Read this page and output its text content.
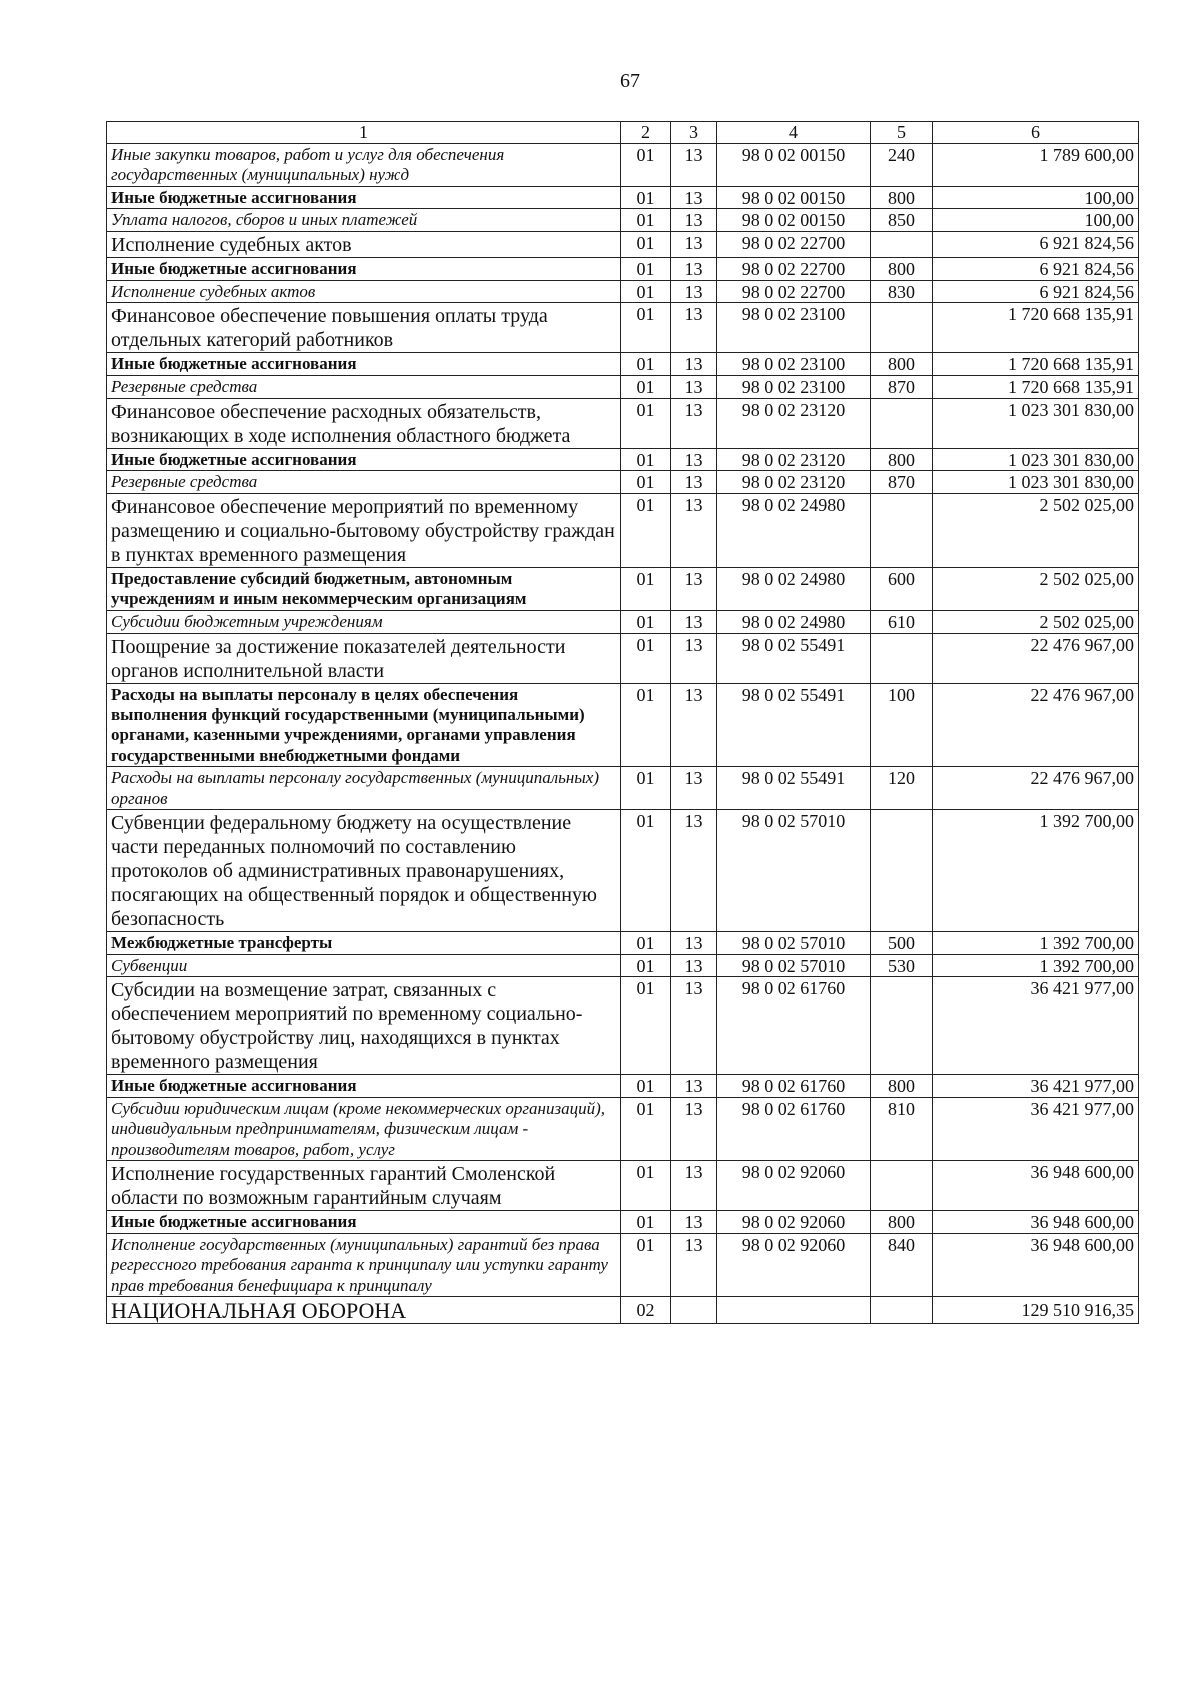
67
1	2	3	4	5	6
Иные закупки товаров, работ и услуг для обеспечения государственных (муниципальных) нужд	01	13	98 0 02 00150	240	1 789 600,00
Иные бюджетные ассигнования	01	13	98 0 02 00150	800	100,00
Уплата налогов, сборов и иных платежей	01	13	98 0 02 00150	850	100,00
Исполнение судебных актов	01	13	98 0 02 22700		6 921 824,56
Иные бюджетные ассигнования	01	13	98 0 02 22700	800	6 921 824,56
Исполнение судебных актов	01	13	98 0 02 22700	830	6 921 824,56
Финансовое обеспечение повышения оплаты труда отдельных категорий работников	01	13	98 0 02 23100		1 720 668 135,91
Иные бюджетные ассигнования	01	13	98 0 02 23100	800	1 720 668 135,91
Резервные средства	01	13	98 0 02 23100	870	1 720 668 135,91
Финансовое обеспечение расходных обязательств, возникающих в ходе исполнения областного бюджета	01	13	98 0 02 23120		1 023 301 830,00
Иные бюджетные ассигнования	01	13	98 0 02 23120	800	1 023 301 830,00
Резервные средства	01	13	98 0 02 23120	870	1 023 301 830,00
Финансовое обеспечение мероприятий по временному размещению и социально-бытовому обустройству граждан в пунктах временного размещения	01	13	98 0 02 24980		2 502 025,00
Предоставление субсидий бюджетным, автономным учреждениям и иным некоммерческим организациям	01	13	98 0 02 24980	600	2 502 025,00
Субсидии бюджетным учреждениям	01	13	98 0 02 24980	610	2 502 025,00
Поощрение за достижение показателей деятельности органов исполнительной власти	01	13	98 0 02 55491		22 476 967,00
Расходы на выплаты персоналу в целях обеспечения выполнения функций государственными (муниципальными) органами, казенными учреждениями, органами управления государственными внебюджетными фондами	01	13	98 0 02 55491	100	22 476 967,00
Расходы на выплаты персоналу государственных (муниципальных) органов	01	13	98 0 02 55491	120	22 476 967,00
Субвенции федеральному бюджету на осуществление части переданных полномочий по составлению протоколов об административных правонарушениях, посягающих на общественный порядок и общественную безопасность	01	13	98 0 02 57010		1 392 700,00
Межбюджетные трансферты	01	13	98 0 02 57010	500	1 392 700,00
Субвенции	01	13	98 0 02 57010	530	1 392 700,00
Субсидии на возмещение затрат, связанных с обеспечением мероприятий по временному социально-бытовому обустройству лиц, находящихся в пунктах временного размещения	01	13	98 0 02 61760		36 421 977,00
Иные бюджетные ассигнования	01	13	98 0 02 61760	800	36 421 977,00
Субсидии юридическим лицам (кроме некоммерческих организаций), индивидуальным предпринимателям, физическим лицам - производителям товаров, работ, услуг	01	13	98 0 02 61760	810	36 421 977,00
Исполнение государственных гарантий Смоленской области по возможным гарантийным случаям	01	13	98 0 02 92060		36 948 600,00
Иные бюджетные ассигнования	01	13	98 0 02 92060	800	36 948 600,00
Исполнение государственных (муниципальных) гарантий без права регрессного требования гаранта к принципалу или уступки гаранту прав требования бенефициара к принципалу	01	13	98 0 02 92060	840	36 948 600,00
НАЦИОНАЛЬНАЯ ОБОРОНА	02				129 510 916,35
